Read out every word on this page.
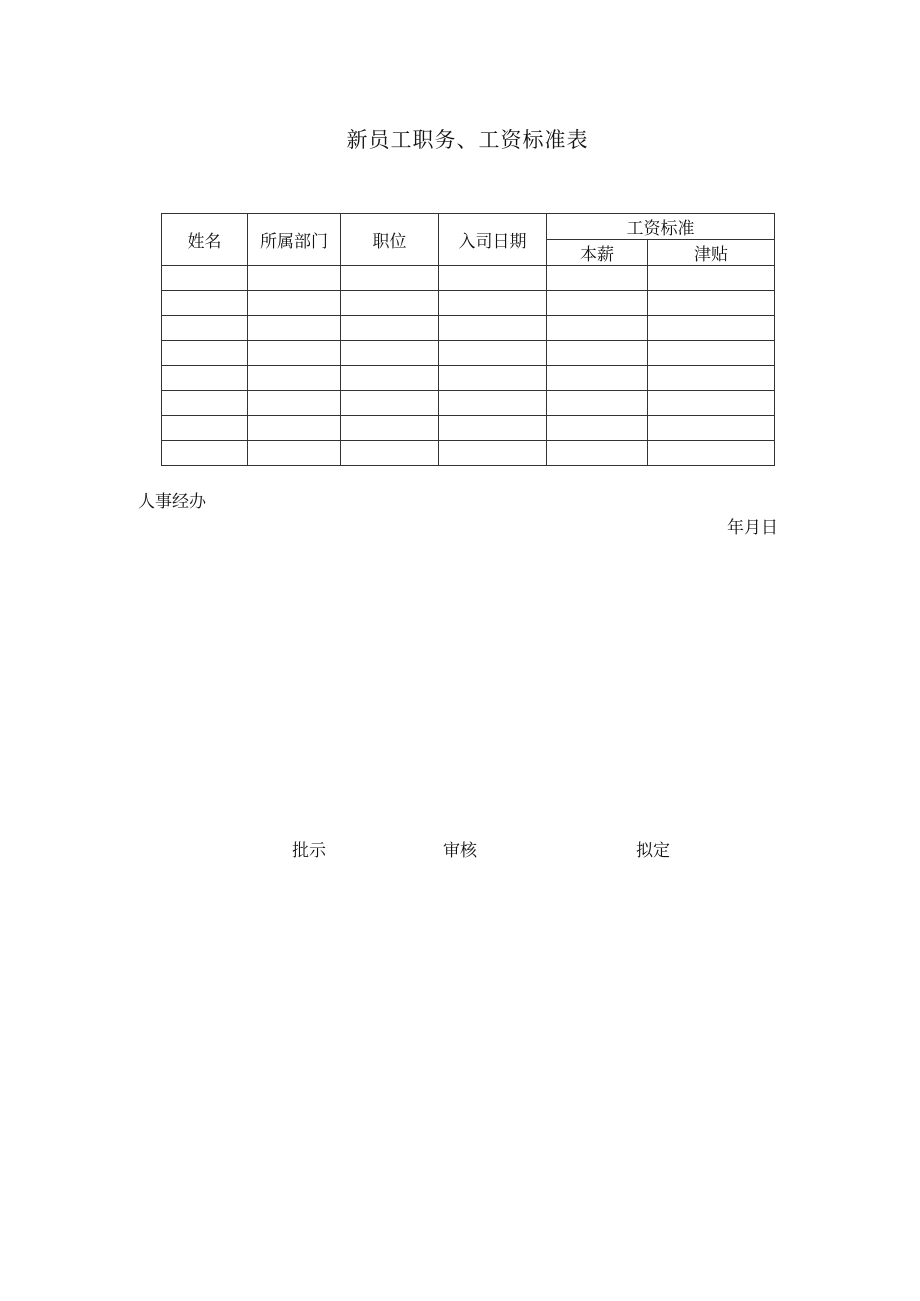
新员工职务、工资标准表
姓名	所属部门	职位	入司日期	工资标准	
				本薪	津贴

人事经办
年月日
批示	审核	拟定
